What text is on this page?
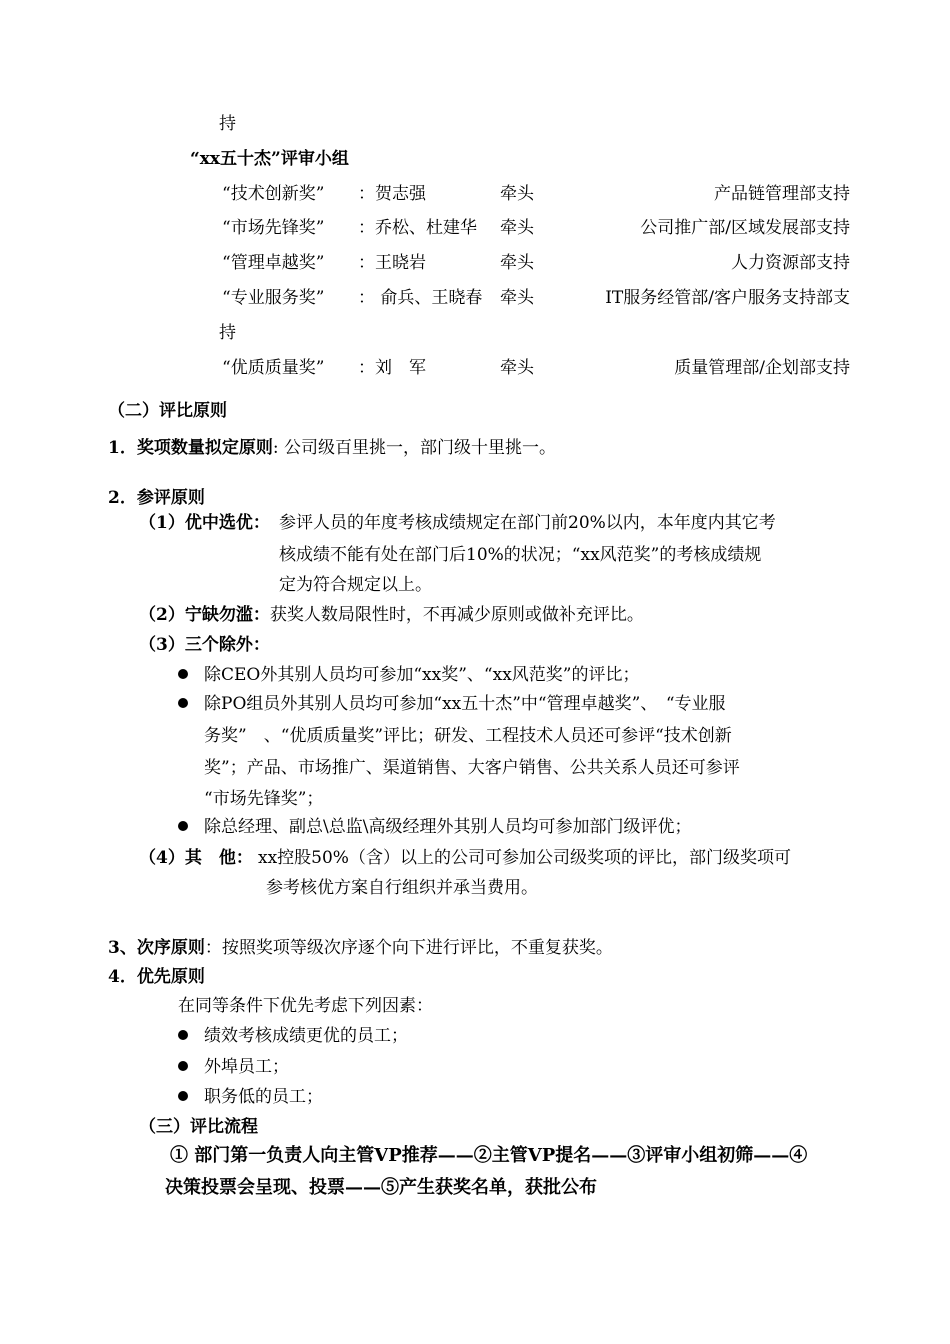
持
“xx五十杰”评审小组
“技术创新奖” ：贺志强	牵头	产品链管理部支持
“市场先锋奖” ：乔松、杜建华 牵头	公司推广部/区域发展部支持
“管理卓越奖” ：王晓岩	牵头	人力资源部支持
“专业服务奖” ： 俞兵、王晓春 牵头	IT服务经管部/客户服务支持部支
持
“优质质量奖” ：刘　军	牵头	质量管理部/企划部支持
（二）评比原则
1．奖项数量拟定原则: 公司级百里挑一，部门级十里挑一。
2．参评原则
（1）优中选优： 参评人员的年度考核成绩规定在部门前20%以内，本年度内其它考
核成绩不能有处在部门后10%的状况；“xx风范奖”的考核成绩规
定为符合规定以上。
（2）宁缺勿滥：获奖人数局限性时，不再减少原则或做补充评比。
（3）三个除外：
除CEO外其别人员均可参加“xx奖”、“xx风范奖”的评比；
除PO组员外其别人员均可参加“xx五十杰”中“管理卓越奖”、　“专业服
务奖”　、“优质质量奖”评比；研发、工程技术人员还可参评“技术创新
奖”；产品、市场推广、渠道销售、大客户销售、公共关系人员还可参评
“市场先锋奖”；
除总经理、副总\总监\高级经理外其别人员均可参加部门级评优；
（4）其　他： xx控股50%（含）以上的公司可参加公司级奖项的评比，部门级奖项可
参考核优方案自行组织并承当费用。
3、次序原则：按照奖项等级次序逐个向下进行评比，不重复获奖。
4．优先原则
在同等条件下优先考虑下列因素：
绩效考核成绩更优的员工；
外埠员工；
职务低的员工；
（三）评比流程
① 部门第一负责人向主管VP推荐——②主管VP提名——③评审小组初筛——④
决策投票会呈现、投票——⑤产生获奖名单，获批公布
